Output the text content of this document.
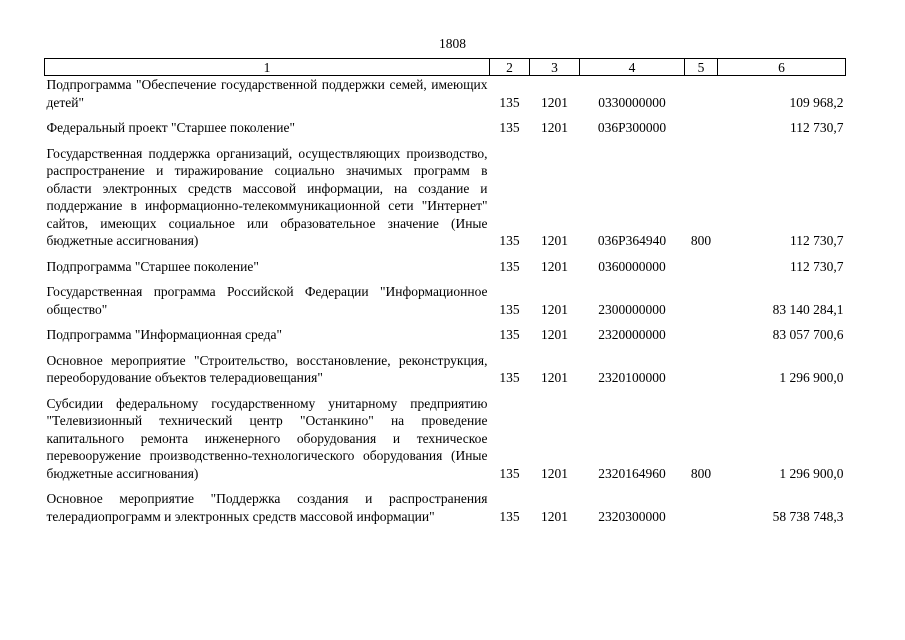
1808
1	2	3	4	5	6
Подпрограмма "Обеспечение государственной поддержки семей, имеющих детей"	135	1201	0330000000		109 968,2

Федеральный проект "Старшее поколение"	135	1201	036P300000		112 730,7

Государственная поддержка организаций, осуществляющих производство, распространение и тиражирование социально значимых программ в области электронных средств массовой информации, на создание и поддержание в информационно-телекоммуникационной сети "Интернет" сайтов, имеющих социальное или образовательное значение (Иные бюджетные ассигнования)	135	1201	036P364940	800	112 730,7

Подпрограмма "Старшее поколение"	135	1201	0360000000		112 730,7

Государственная программа Российской Федерации "Информационное общество"	135	1201	2300000000		83 140 284,1

Подпрограмма "Информационная среда"	135	1201	2320000000		83 057 700,6

Основное мероприятие "Строительство, восстановление, реконструкция, переоборудование объектов телерадиовещания"	135	1201	2320100000		1 296 900,0

Субсидии федеральному государственному унитарному предприятию "Телевизионный технический центр "Останкино" на проведение капитального ремонта инженерного оборудования и техническое перевооружение производственно-технологического оборудования (Иные бюджетные ассигнования)	135	1201	2320164960	800	1 296 900,0

Основное мероприятие "Поддержка создания и распространения телерадиопрограмм и электронных средств массовой информации"	135	1201	2320300000		58 738 748,3
